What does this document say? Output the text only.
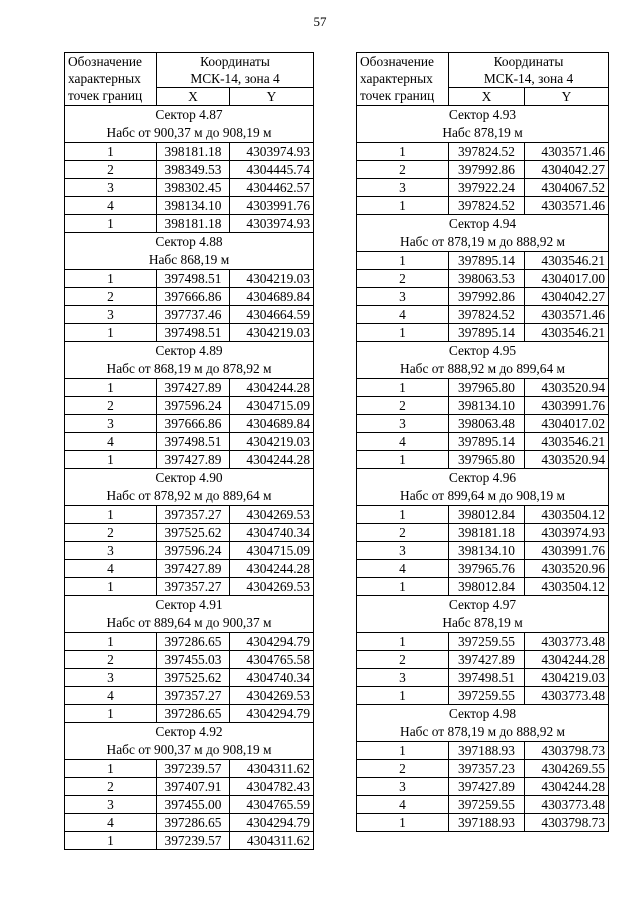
57
Обозначение
характерных
точек границ	Координаты	
	МСК-14, зона 4	
	X	Y
Сектор 4.87		
Набс от 900,37 м до 908,19 м		
1	398181.18	4303974.93
2	398349.53	4304445.74
3	398302.45	4304462.57
4	398134.10	4303991.76
1	398181.18	4303974.93
Сектор 4.88		
Набс 868,19 м		
1	397498.51	4304219.03
2	397666.86	4304689.84
3	397737.46	4304664.59
1	397498.51	4304219.03
Сектор 4.89		
Набс от 868,19 м до 878,92 м		
1	397427.89	4304244.28
2	397596.24	4304715.09
3	397666.86	4304689.84
4	397498.51	4304219.03
1	397427.89	4304244.28
Сектор 4.90		
Набс от 878,92 м до 889,64 м		
1	397357.27	4304269.53
2	397525.62	4304740.34
3	397596.24	4304715.09
4	397427.89	4304244.28
1	397357.27	4304269.53
Сектор 4.91		
Набс от 889,64 м до 900,37 м		
1	397286.65	4304294.79
2	397455.03	4304765.58
3	397525.62	4304740.34
4	397357.27	4304269.53
1	397286.65	4304294.79
Сектор 4.92		
Набс от 900,37 м до 908,19 м		
1	397239.57	4304311.62
2	397407.91	4304782.43
3	397455.00	4304765.59
4	397286.65	4304294.79
1	397239.57	4304311.62
Обозначение
характерных
точек границ	Координаты	
	МСК-14, зона 4	
	X	Y
Сектор 4.93		
Набс 878,19 м		
1	397824.52	4303571.46
2	397992.86	4304042.27
3	397922.24	4304067.52
1	397824.52	4303571.46
Сектор 4.94		
Набс от 878,19 м до 888,92 м		
1	397895.14	4303546.21
2	398063.53	4304017.00
3	397992.86	4304042.27
4	397824.52	4303571.46
1	397895.14	4303546.21
Сектор 4.95		
Набс от 888,92 м до 899,64 м		
1	397965.80	4303520.94
2	398134.10	4303991.76
3	398063.48	4304017.02
4	397895.14	4303546.21
1	397965.80	4303520.94
Сектор 4.96		
Набс от 899,64 м до 908,19 м		
1	398012.84	4303504.12
2	398181.18	4303974.93
3	398134.10	4303991.76
4	397965.76	4303520.96
1	398012.84	4303504.12
Сектор 4.97		
Набс 878,19 м		
1	397259.55	4303773.48
2	397427.89	4304244.28
3	397498.51	4304219.03
1	397259.55	4303773.48
Сектор 4.98		
Набс от 878,19 м до 888,92 м		
1	397188.93	4303798.73
2	397357.23	4304269.55
3	397427.89	4304244.28
4	397259.55	4303773.48
1	397188.93	4303798.73
